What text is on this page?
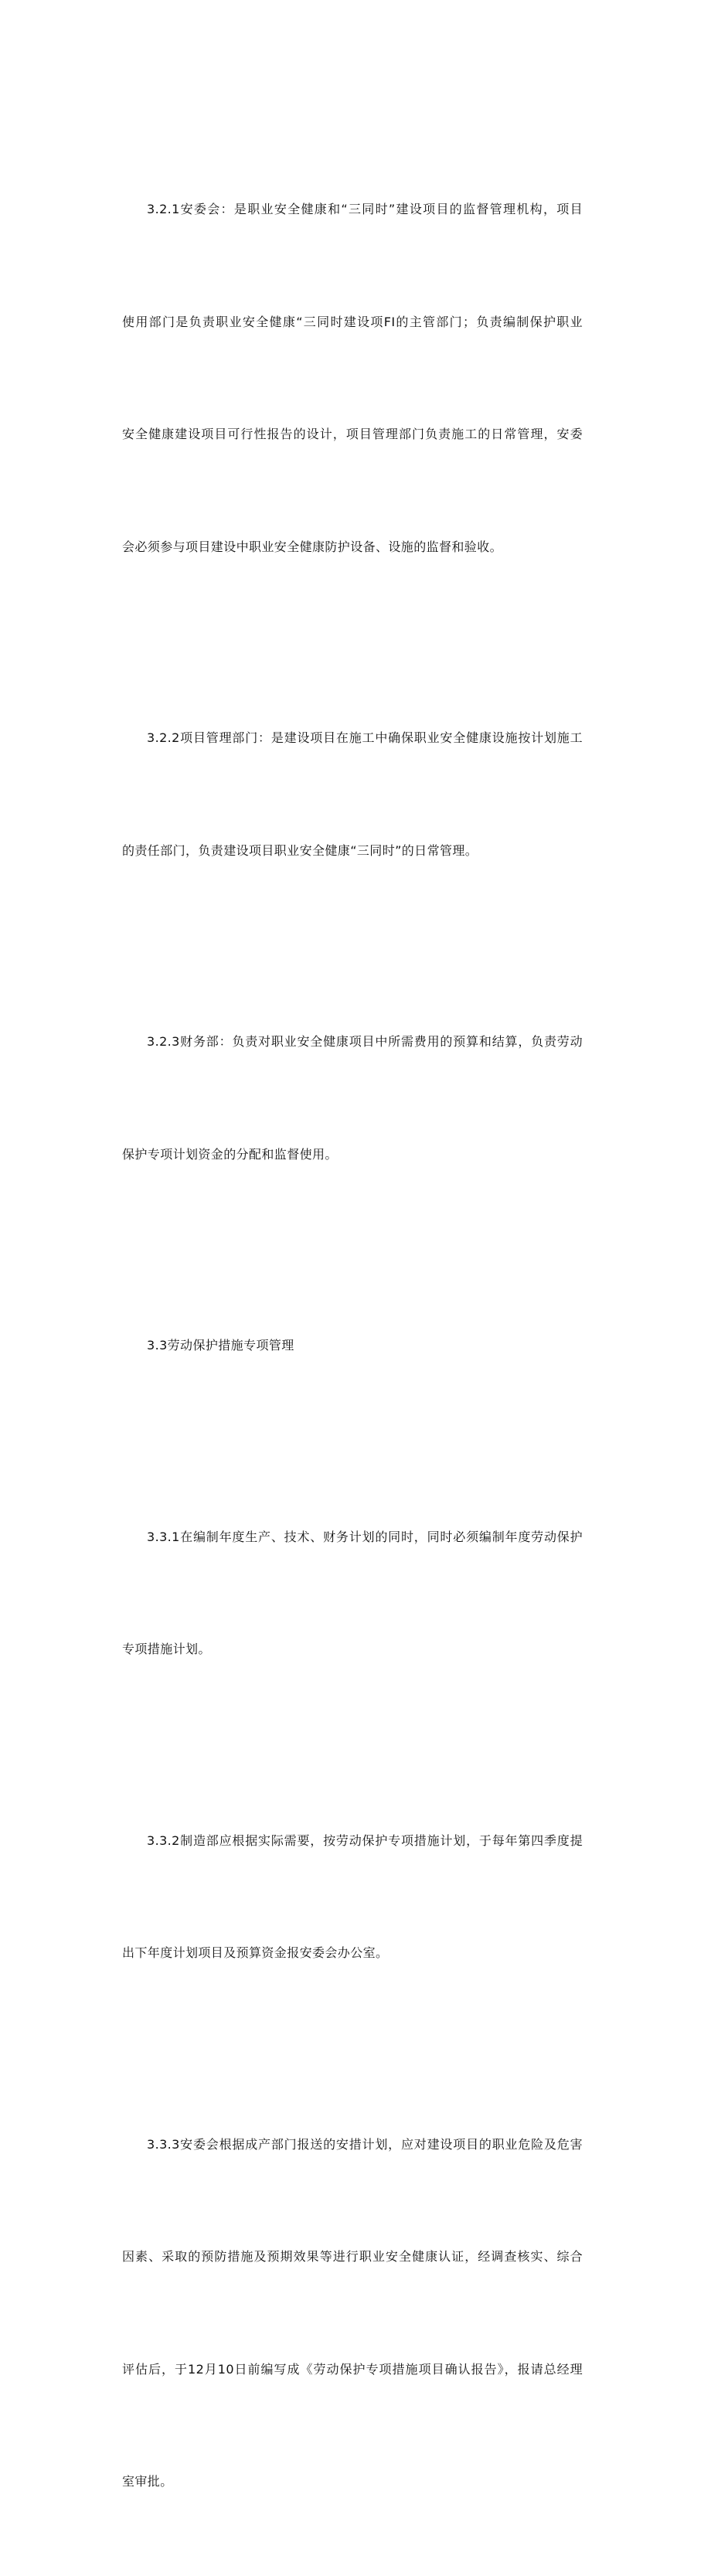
3.2.1安委会：是职业安全健康和“三同时”建设项目的监督管理机构，项目

使用部门是负责职业安全健康“三同时建设项FI的主管部门；负责编制保护职业

安全健康建设项目可行性报告的设计，项目管理部门负责施工的日常管理，安委

会必须参与项目建设中职业安全健康防护设备、设施的监督和验收。

3.2.2项目管理部门：是建设项目在施工中确保职业安全健康设施按计划施工

的责任部门，负责建设项目职业安全健康“三同时”的日常管理。

3.2.3财务部：负责对职业安全健康项目中所需费用的预算和结算，负责劳动

保护专项计划资金的分配和监督使用。

3.3劳动保护措施专项管理

3.3.1在编制年度生产、技术、财务计划的同时，同时必须编制年度劳动保护

专项措施计划。

3.3.2制造部应根据实际需要，按劳动保护专项措施计划，于每年第四季度提

出下年度计划项目及预算资金报安委会办公室。

3.3.3安委会根据成产部门报送的安措计划，应对建设项目的职业危险及危害

因素、采取的预防措施及预期效果等进行职业安全健康认证，经调查核实、综合

评估后，于12月10日前编写成《劳动保护专项措施项目确认报告》，报请总经理

室审批。
